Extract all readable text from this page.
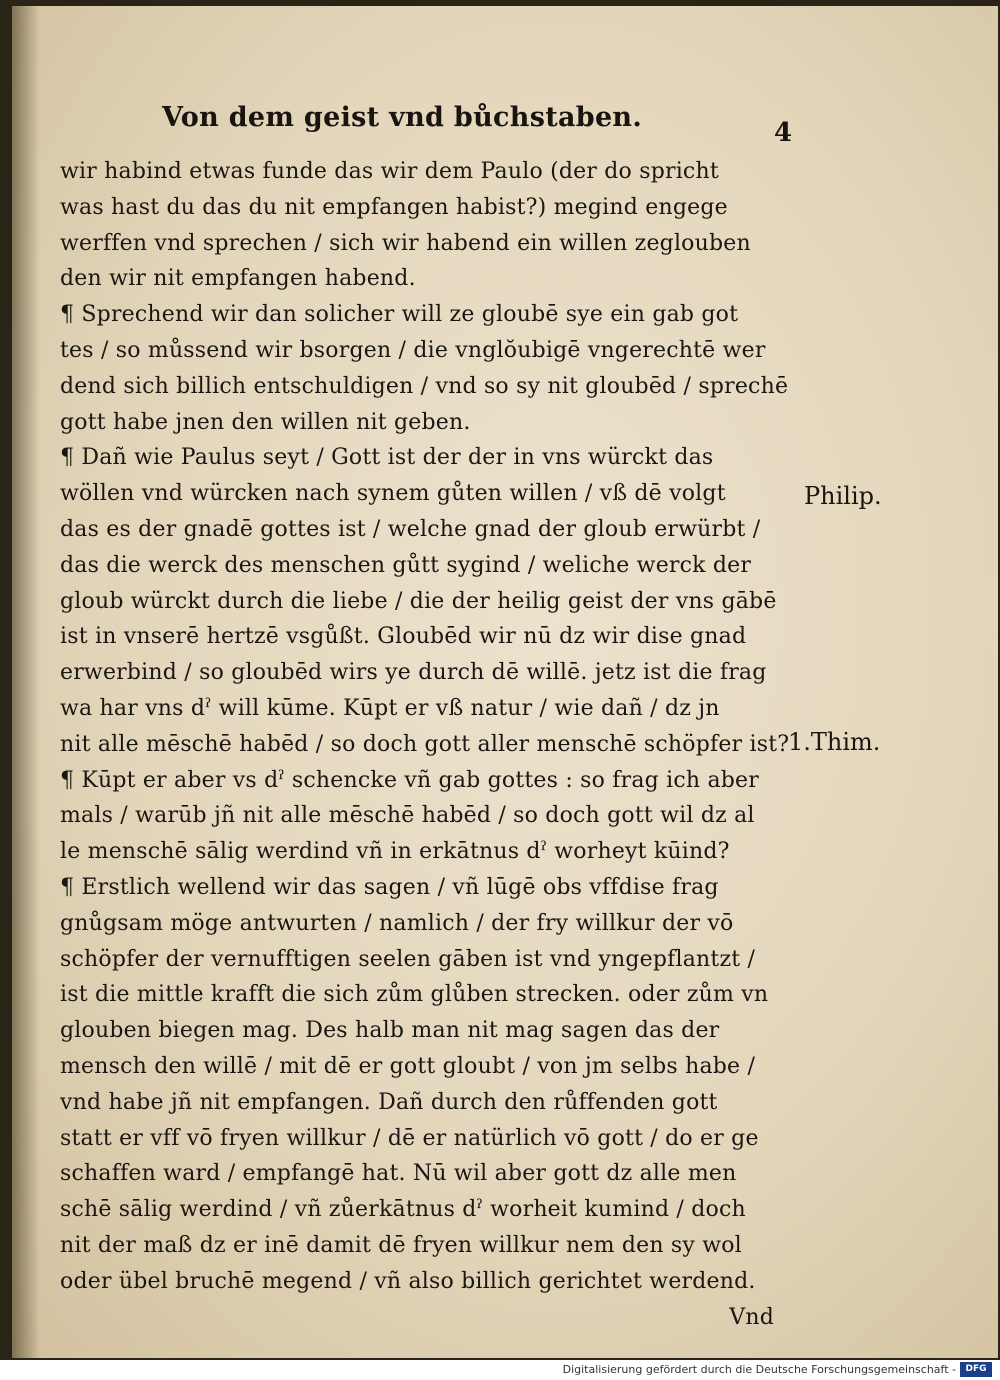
Von dem geist vnd bůchstaben.	4
wir habind etwas funde das wir dem Paulo (der do spricht
was hast du das du nit empfangen habist?) megind engege
werffen vnd sprechen / sich wir habend ein willen zeglouben
den wir nit empfangen habend.
¶ Sprechend wir dan solicher will ze gloubē sye ein gab got
tes / so můssend wir bsorgen / die vnglŏubigē vngerechtē wer
dend sich billich entschuldigen / vnd so sy nit gloubēd / sprechē
gott habe jnen den willen nit geben.
¶ Dañ wie Paulus seyt / Gott ist der der in vns würckt das
wöllen vnd würcken nach synem gůten willen / vß dē volgt
das es der gnadē gottes ist / welche gnad der gloub erwürbt /
das die werck des menschen gůtt sygind / weliche werck der
gloub würckt durch die liebe / die der heilig geist der vns gābē
ist in vnserē hertzē vsgůßt. Gloubēd wir nū dz wir dise gnad
erwerbind / so gloubēd wirs ye durch dē willē. jetz ist die frag
wa har vns dˀ will kūme. Kūpt er vß natur / wie dañ / dz jn
nit alle mēschē habēd / so doch gott aller menschē schöpfer ist?
¶ Kūpt er aber vs dˀ schencke vñ gab gottes : so frag ich aber
mals / warūb jñ nit alle mēschē habēd / so doch gott wil dz al
le menschē sālig werdind vñ in erkātnus dˀ worheyt kūind?
¶ Erstlich wellend wir das sagen / vñ lūgē obs vffdise frag
gnůgsam möge antwurten / namlich / der fry willkur der vō
schöpfer der vernufftigen seelen gāben ist vnd yngepflantzt /
ist die mittle krafft die sich zům glůben strecken. oder zům vn
glouben biegen mag. Des halb man nit mag sagen das der
mensch den willē / mit dē er gott gloubt / von jm selbs habe /
vnd habe jñ nit empfangen. Dañ durch den růffenden gott
statt er vff vō fryen willkur / dē er natürlich vō gott / do er ge
schaffen ward / empfangē hat. Nū wil aber gott dz alle men
schē sālig werdind / vñ zůerkātnus dˀ worheit kumind / doch
nit der maß dz er inē damit dē fryen willkur nem den sy wol
oder übel bruchē megend / vñ also billich gerichtet werdend.
Vnd
Philip.
1.Thim.
Digitalisierung gefördert durch die Deutsche Forschungsgemeinschaft -	DFG
